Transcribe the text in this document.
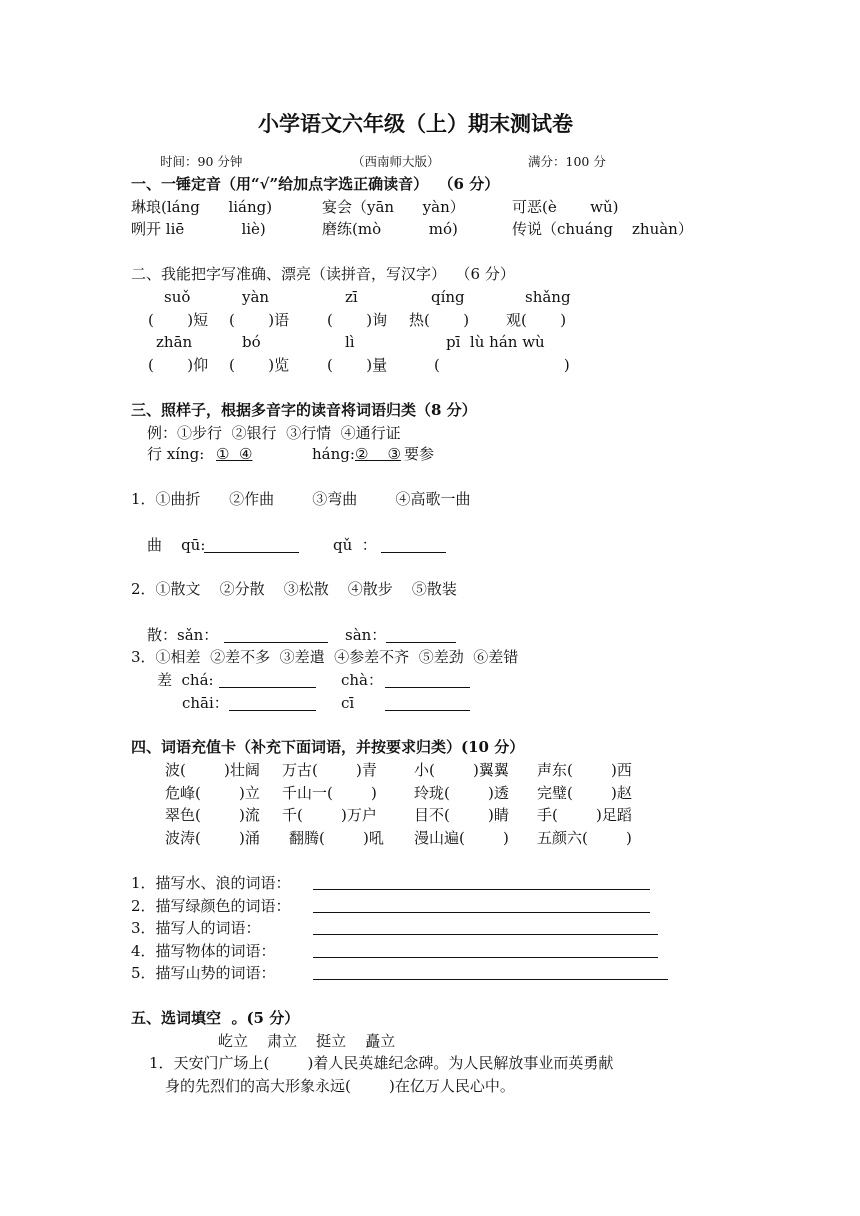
小学语文六年级（上）期末测试卷
时间：90 分钟	（西南师大版）	满分：100 分
一、一锤定音（用“√”给加点字选正确读音）  （6 分）
琳琅(láng      liáng)	宴会（yān      yàn）	可恶(è       wǔ)
咧开 liē            liè)	磨练(mò          mó)	传说（chuáng    zhuàn）
二、我能把字写准确、漂亮（读拼音，写汉字）  （6 分）
suǒ	yàn	zī	qíng	shǎng
(       )短 (       )语	(       )询 热(       ) 观(       )
zhān	bó	lì	pī  lù hán wù
(       )仰 (       )览	(       )量	(                          )
三、照样子，根据多音字的读音将词语归类（8 分）
例：①步行  ②银行  ③行情  ④通行证
行 xíng: ①  ④	háng: ②    ③ 要参
1．①曲折      ②作曲        ③弯曲        ④高歌一曲
曲    qū:	qǔ  ：
2．①散文    ②分散    ③松散    ④散步    ⑤散装
散：sǎn：	sàn：
3．①相差  ②差不多  ③差遣  ④参差不齐  ⑤差劲  ⑥差错
差  chá:	chà：
chāi：	cī
四、词语充值卡（补充下面词语，并按要求归类）(10 分）
波(        )壮阔 万古(        )青 小(        )翼翼 声东(        )西
危峰(        )立 千山一(        ) 玲珑(        )透 完璧(        )赵
翠色(        )流 千(        )万户 目不(        )睛 手(        )足蹈
波涛(        )涌 翻腾(        )吼 漫山遍(        ) 五颜六(        )
1．描写水、浪的词语：
2．描写绿颜色的词语：
3．描写人的词语：
4．描写物体的词语：
5．描写山势的词语：
五、选词填空  。(5 分）
屹立    肃立    挺立    矗立
1．天安门广场上(        )着人民英雄纪念碑。为人民解放事业而英勇献
身的先烈们的高大形象永远(        )在亿万人民心中。
